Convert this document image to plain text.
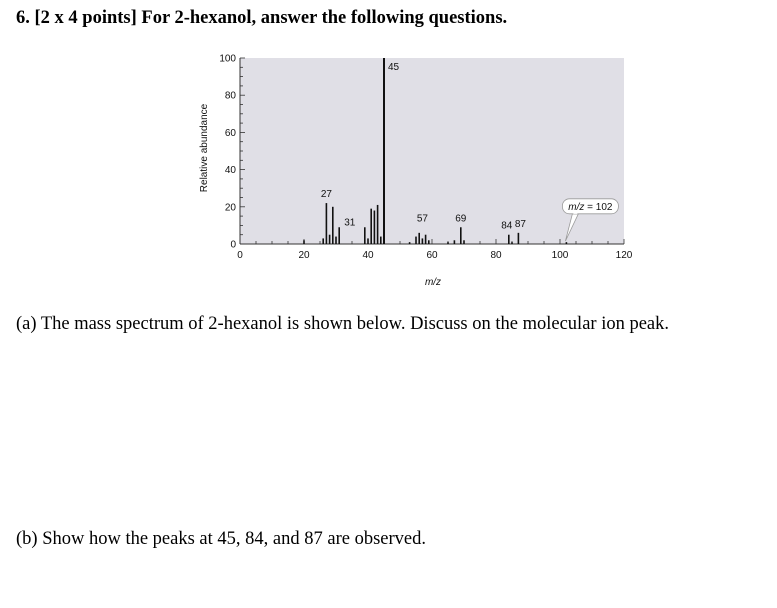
6. [2 x 4 points] For 2-hexanol, answer the following questions.
0
20
40
60
80
100
0	20	40	60	80	100	120
27
31
45
57	69
84 87
m/z = 102
Relative abundance
m/z
(a) The mass spectrum of 2-hexanol is shown below. Discuss on the molecular ion peak.
(b) Show how the peaks at 45, 84, and 87 are observed.
